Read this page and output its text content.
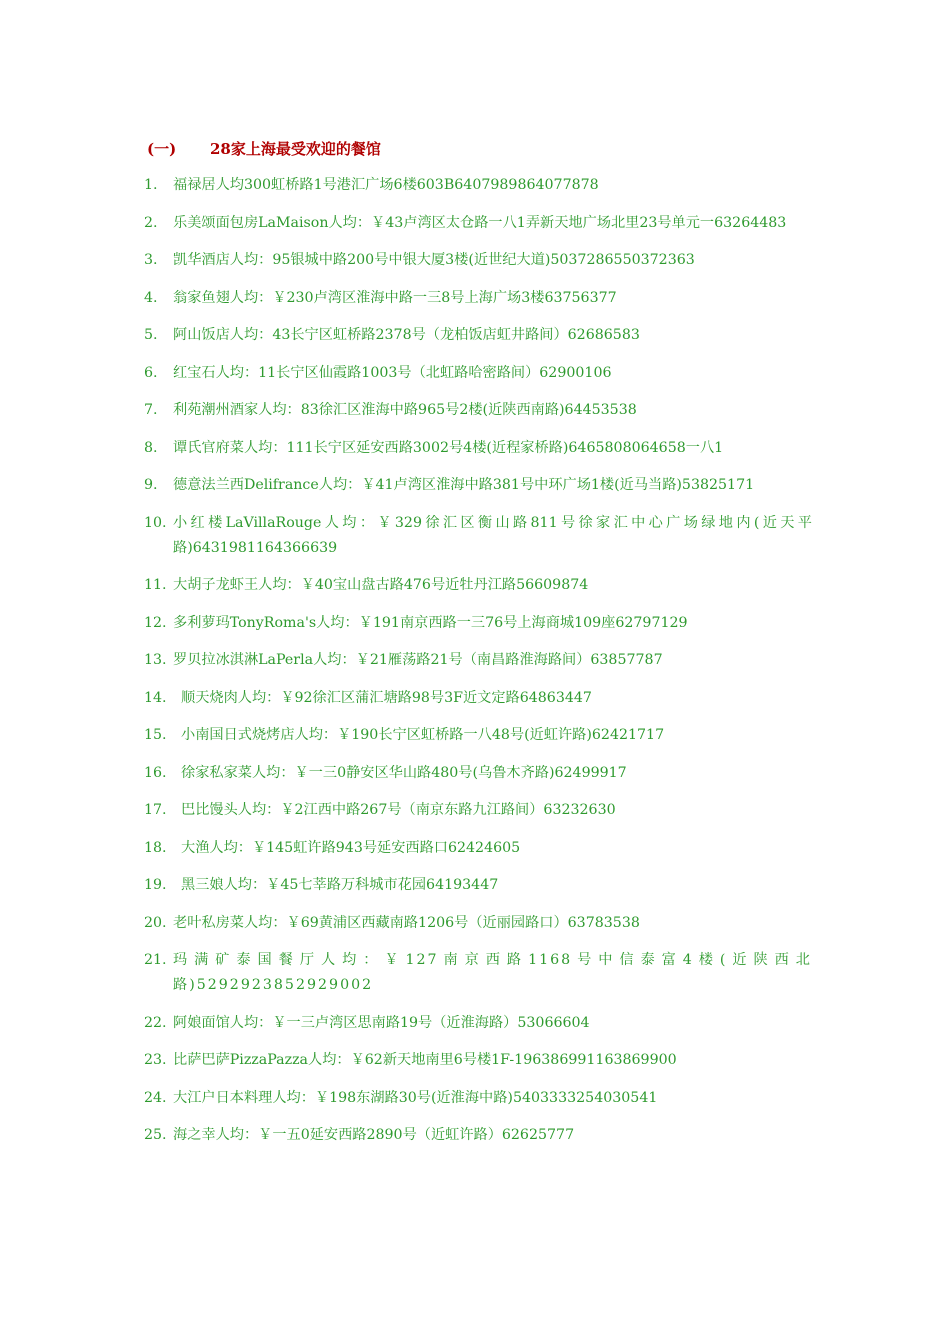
(一) 28家上海最受欢迎的餐馆
1. 福禄居人均300虹桥路1号港汇广场6楼603B6407989864077878
2. 乐美颂面包房LaMaison人均：￥43卢湾区太仓路一八1弄新天地广场北里23号单元一63264483
3. 凯华酒店人均：95银城中路200号中银大厦3楼(近世纪大道)5037286550372363
4. 翁家鱼翅人均：￥230卢湾区淮海中路一三8号上海广场3楼63756377
5. 阿山饭店人均：43长宁区虹桥路2378号（龙柏饭店虹井路间）62686583
6. 红宝石人均：11长宁区仙霞路1003号（北虹路哈密路间）62900106
7. 利苑潮州酒家人均：83徐汇区淮海中路965号2楼(近陕西南路)64453538
8. 谭氏官府菜人均：111长宁区延安西路3002号4楼(近程家桥路)6465808064658一八1
9. 德意法兰西Delifrance人均：￥41卢湾区淮海中路381号中环广场1楼(近马当路)53825171
10. 小红楼LaVillaRouge人均：￥329徐汇区衡山路811号徐家汇中心广场绿地内(近天平路)6431981164366639
11. 大胡子龙虾王人均：￥40宝山盘古路476号近牡丹江路56609874
12. 多利萝玛TonyRoma's人均：￥191南京西路一三76号上海商城109座62797129
13. 罗贝拉冰淇淋LaPerla人均：￥21雁荡路21号（南昌路淮海路间）63857787
14.	顺天烧肉人均：￥92徐汇区蒲汇塘路98号3F近文定路64863447
15.	小南国日式烧烤店人均：￥190长宁区虹桥路一八48号(近虹许路)62421717
16.	徐家私家菜人均：￥一三0静安区华山路480号(乌鲁木齐路)62499917
17.	巴比馒头人均：￥2江西中路267号（南京东路九江路间）63232630
18.	大渔人均：￥145虹许路943号延安西路口62424605
19.	黑三娘人均：￥45七莘路万科城市花园64193447
20. 老叶私房菜人均：￥69黄浦区西藏南路1206号（近丽园路口）63783538
21. 玛满矿泰国餐厅人均：￥127南京西路1168号中信泰富4楼(近陕西北路)5292923852929002
22. 阿娘面馆人均：￥一三卢湾区思南路19号（近淮海路）53066604
23. 比萨巴萨PizzaPazza人均：￥62新天地南里6号楼1F-196386991163869900
24. 大江户日本料理人均：￥198东湖路30号(近淮海中路)5403333254030541
25. 海之幸人均：￥一五0延安西路2890号（近虹许路）62625777
